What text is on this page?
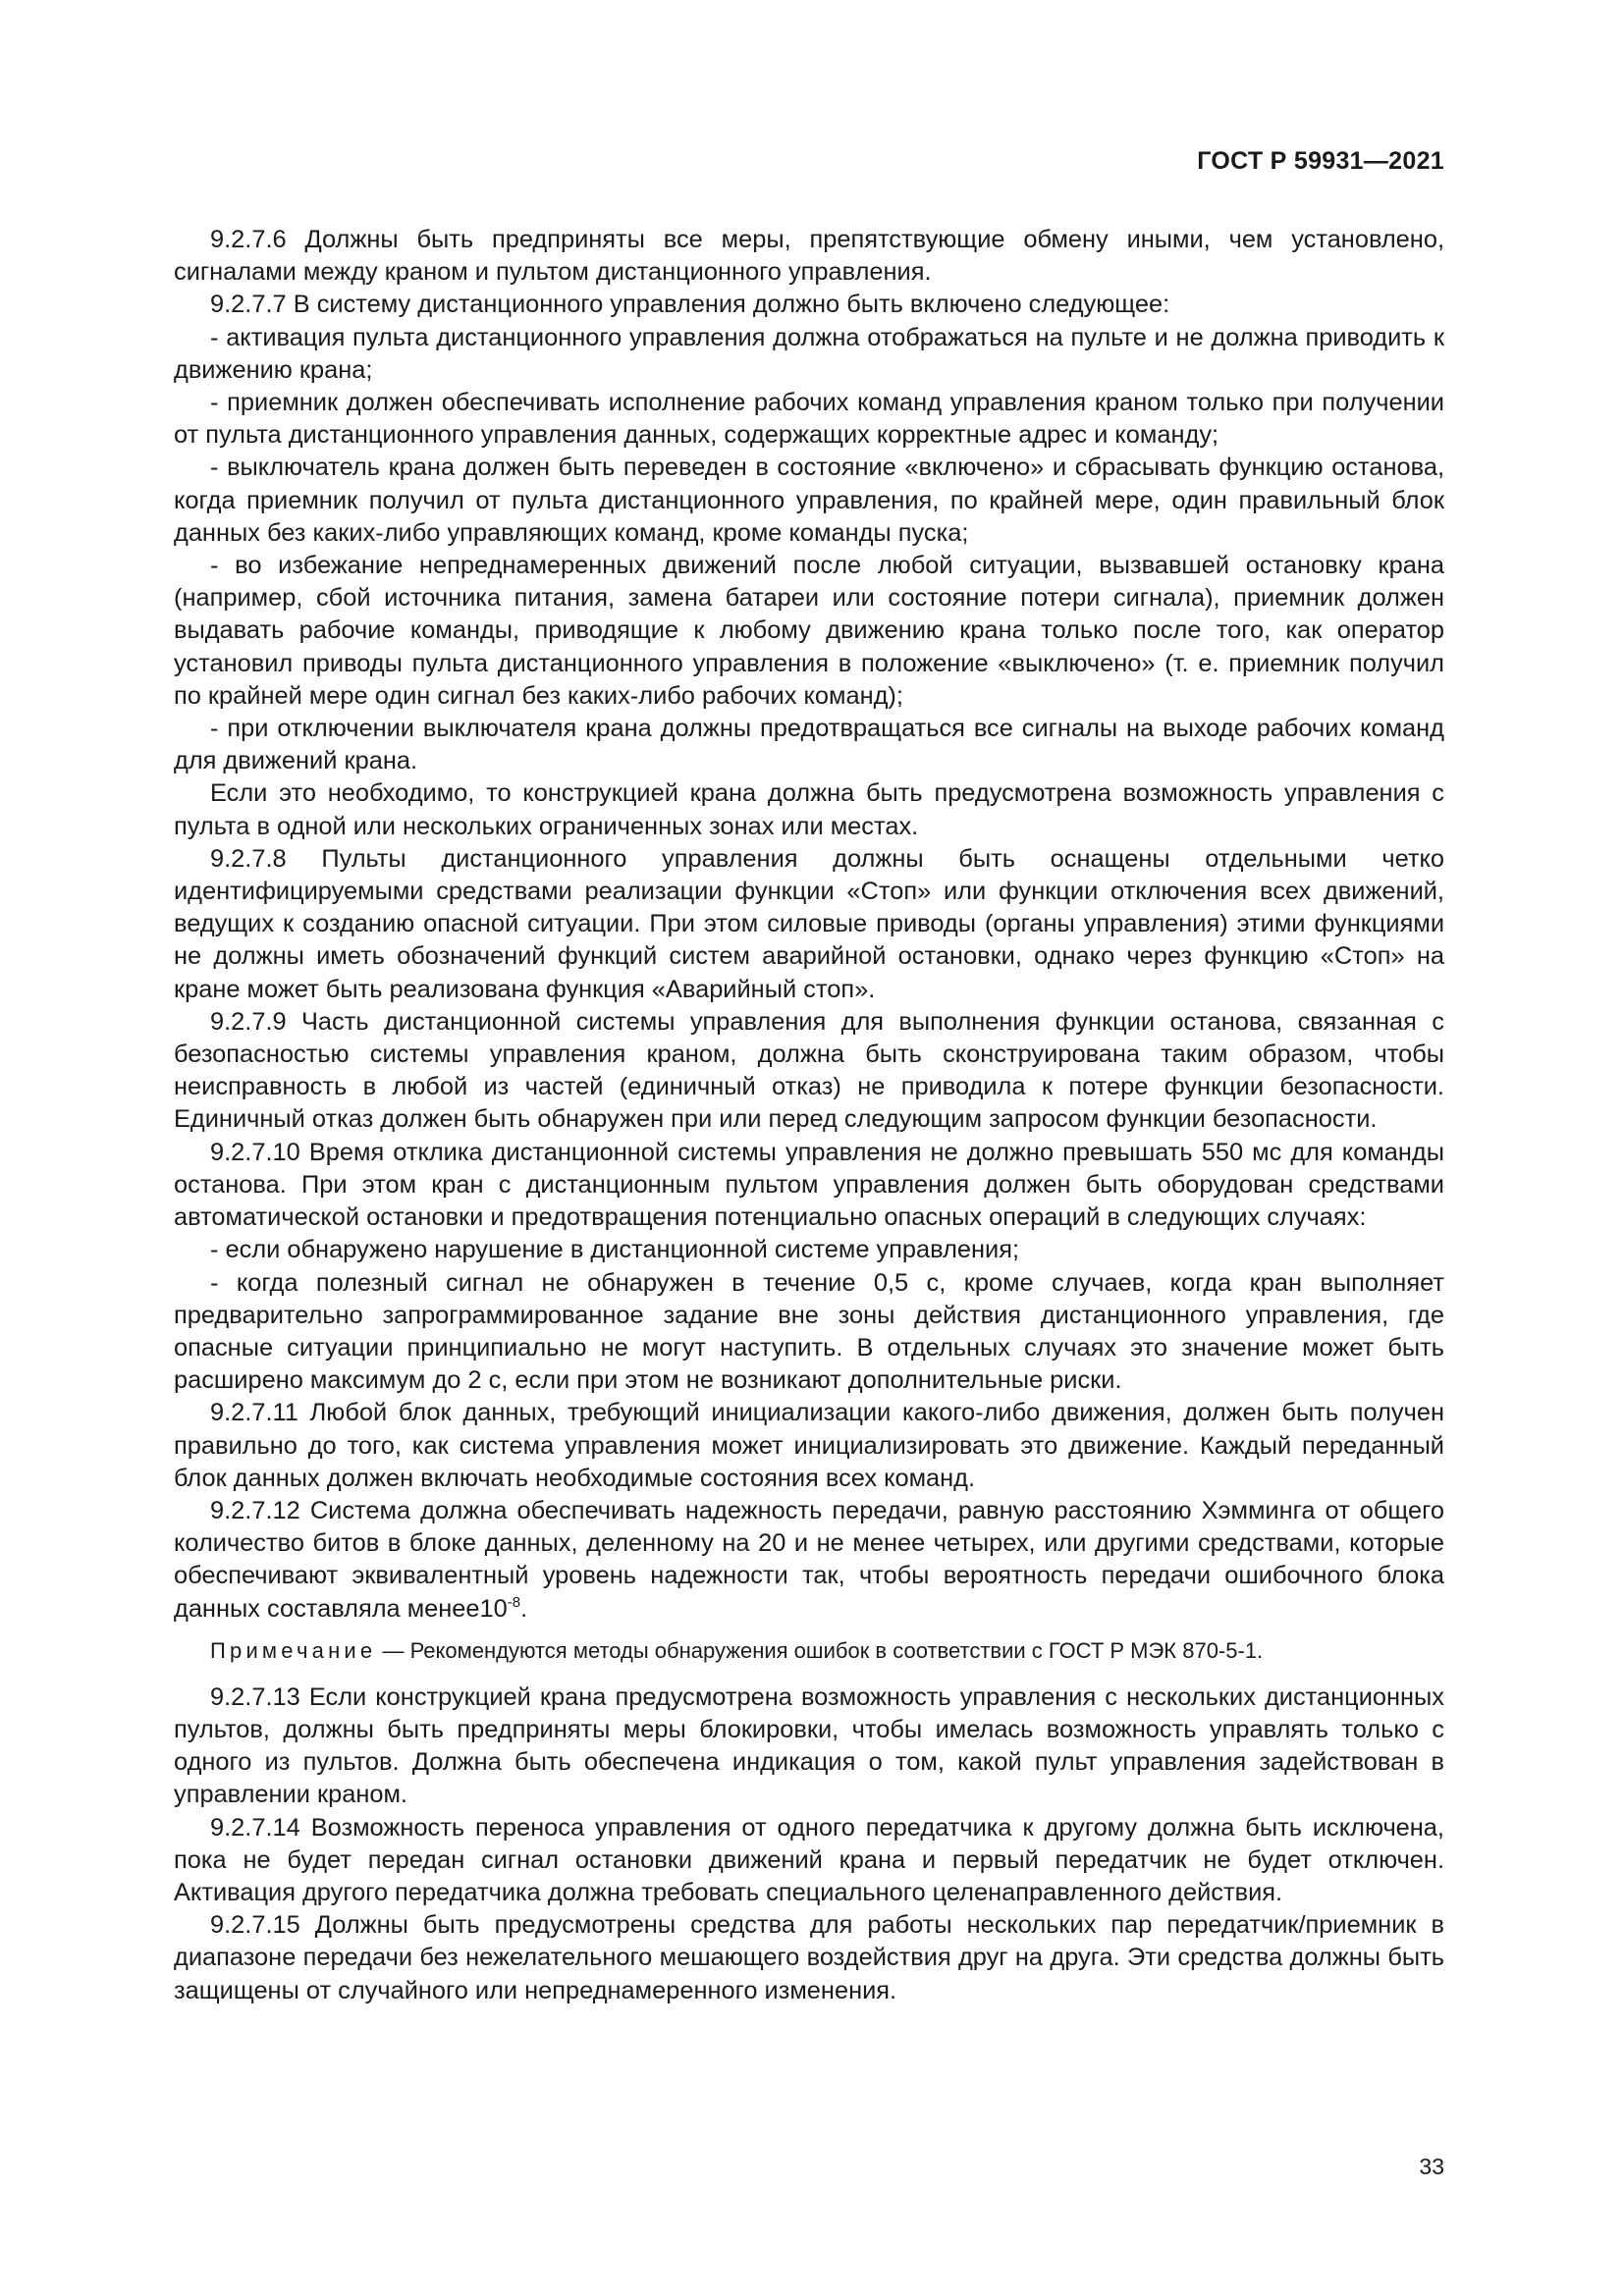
ГОСТ Р 59931—2021

9.2.7.6 Должны быть предприняты все меры, препятствующие обмену иными, чем установлено, сигналами между краном и пультом дистанционного управления.

9.2.7.7 В систему дистанционного управления должно быть включено следующее:

- активация пульта дистанционного управления должна отображаться на пульте и не должна приводить к движению крана;

- приемник должен обеспечивать исполнение рабочих команд управления краном только при получении от пульта дистанционного управления данных, содержащих корректные адрес и команду;

- выключатель крана должен быть переведен в состояние «включено» и сбрасывать функцию останова, когда приемник получил от пульта дистанционного управления, по крайней мере, один правильный блок данных без каких-либо управляющих команд, кроме команды пуска;

- во избежание непреднамеренных движений после любой ситуации, вызвавшей остановку крана (например, сбой источника питания, замена батареи или состояние потери сигнала), приемник должен выдавать рабочие команды, приводящие к любому движению крана только после того, как оператор установил приводы пульта дистанционного управления в положение «выключено» (т. е. приемник получил по крайней мере один сигнал без каких-либо рабочих команд);

- при отключении выключателя крана должны предотвращаться все сигналы на выходе рабочих команд для движений крана.

Если это необходимо, то конструкцией крана должна быть предусмотрена возможность управления с пульта в одной или нескольких ограниченных зонах или местах.

9.2.7.8 Пульты дистанционного управления должны быть оснащены отдельными четко идентифицируемыми средствами реализации функции «Стоп» или функции отключения всех движений, ведущих к созданию опасной ситуации. При этом силовые приводы (органы управления) этими функциями не должны иметь обозначений функций систем аварийной остановки, однако через функцию «Стоп» на кране может быть реализована функция «Аварийный стоп».

9.2.7.9 Часть дистанционной системы управления для выполнения функции останова, связанная с безопасностью системы управления краном, должна быть сконструирована таким образом, чтобы неисправность в любой из частей (единичный отказ) не приводила к потере функции безопасности. Единичный отказ должен быть обнаружен при или перед следующим запросом функции безопасности.

9.2.7.10 Время отклика дистанционной системы управления не должно превышать 550 мс для команды останова. При этом кран с дистанционным пультом управления должен быть оборудован средствами автоматической остановки и предотвращения потенциально опасных операций в следующих случаях:

- если обнаружено нарушение в дистанционной системе управления;

- когда полезный сигнал не обнаружен в течение 0,5 с, кроме случаев, когда кран выполняет предварительно запрограммированное задание вне зоны действия дистанционного управления, где опасные ситуации принципиально не могут наступить. В отдельных случаях это значение может быть расширено максимум до 2 с, если при этом не возникают дополнительные риски.

9.2.7.11 Любой блок данных, требующий инициализации какого-либо движения, должен быть получен правильно до того, как система управления может инициализировать это движение. Каждый переданный блок данных должен включать необходимые состояния всех команд.

9.2.7.12 Система должна обеспечивать надежность передачи, равную расстоянию Хэмминга от общего количество битов в блоке данных, деленному на 20 и не менее четырех, или другими средствами, которые обеспечивают эквивалентный уровень надежности так, чтобы вероятность передачи ошибочного блока данных составляла $менее10^{-8}$.

Примечание — Рекомендуются методы обнаружения ошибок в соответствии с ГОСТ Р МЭК 870-5-1.

9.2.7.13 Если конструкцией крана предусмотрена возможность управления с нескольких дистанционных пультов, должны быть предприняты меры блокировки, чтобы имелась возможность управлять только с одного из пультов. Должна быть обеспечена индикация о том, какой пульт управления задействован в управлении краном.

9.2.7.14 Возможность переноса управления от одного передатчика к другому должна быть исключена, пока не будет передан сигнал остановки движений крана и первый передатчик не будет отключен. Активация другого передатчика должна требовать специального целенаправленного действия.

9.2.7.15 Должны быть предусмотрены средства для работы нескольких пар передатчик/приемник в диапазоне передачи без нежелательного мешающего воздействия друг на друга. Эти средства должны быть защищены от случайного или непреднамеренного изменения.

33
